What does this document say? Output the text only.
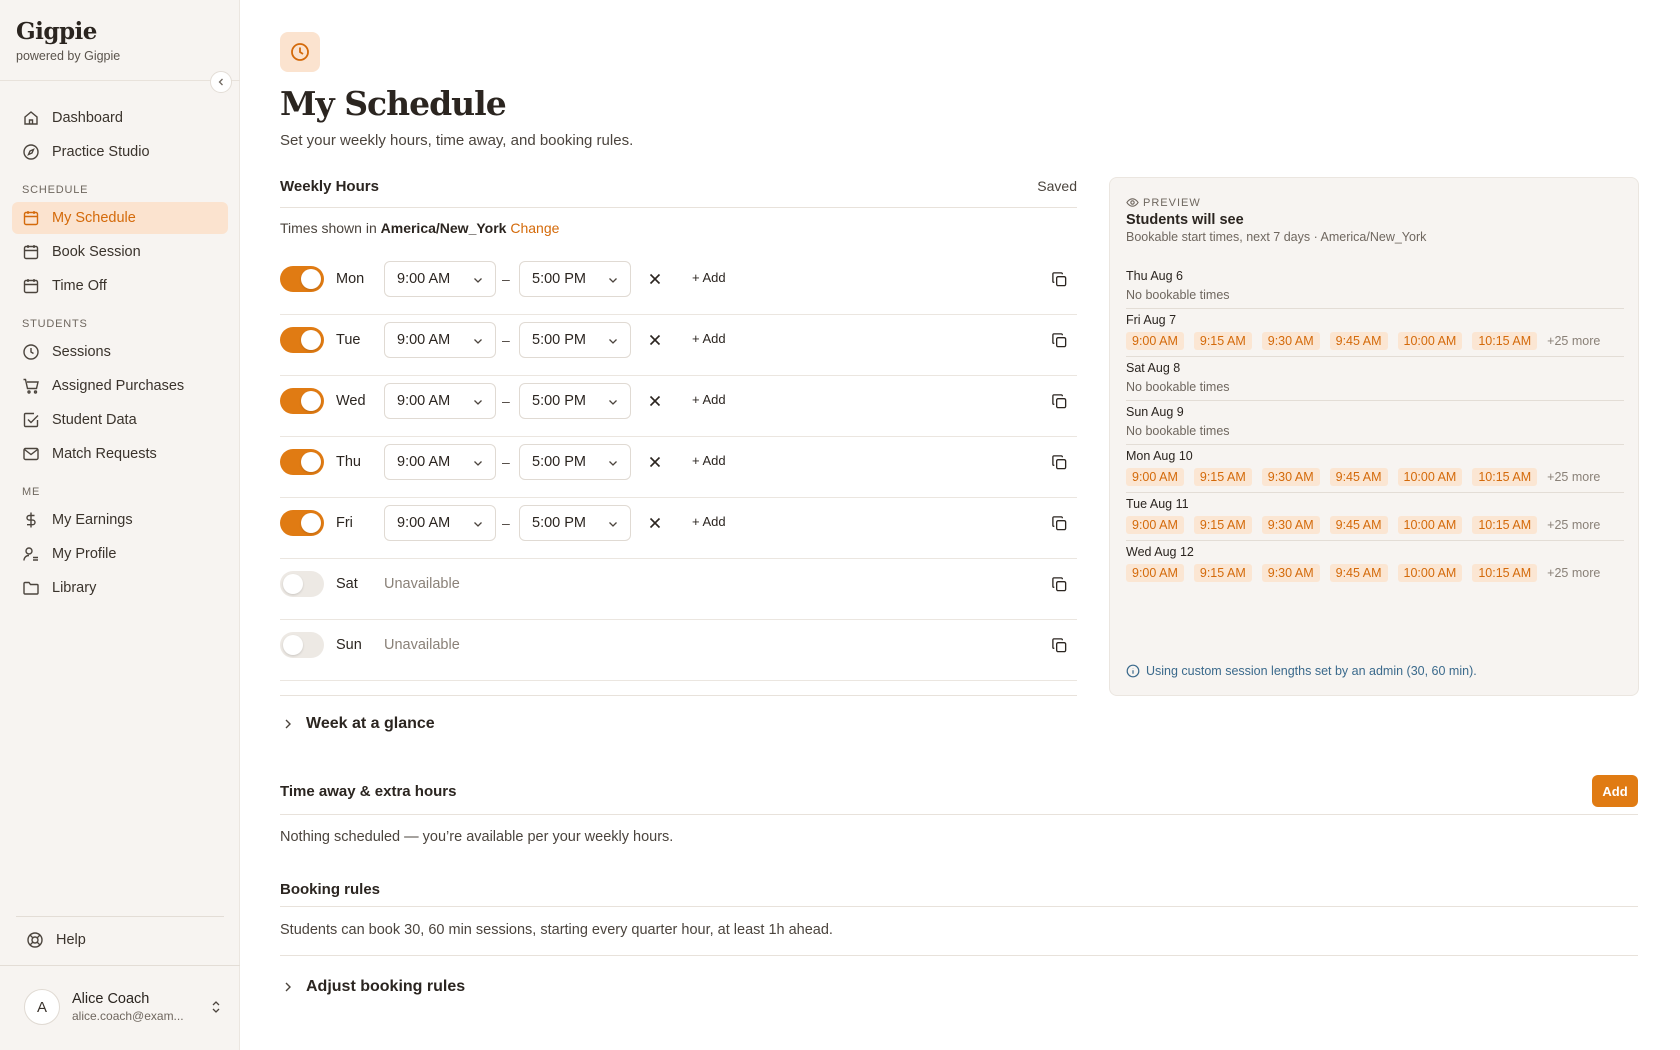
Gigpie
powered by Gigpie
Dashboard
Practice Studio
SCHEDULE
My Schedule
Book Session
Time Off
STUDENTS
Sessions
Assigned Purchases
Student Data
Match Requests
ME
My Earnings
My Profile
Library
Help
A	Alice Coach
alice.coach@exam...
My Schedule
Set your weekly hours, time away, and booking rules.
Weekly Hours	Saved
Times shown in America/New_York Change
Mon 9:00 AM	– 5:00 PM	+ Add
Tue	9:00 AM	– 5:00 PM	+ Add
Wed 9:00 AM	– 5:00 PM	+ Add
Thu 9:00 AM	– 5:00 PM	+ Add
Fri	9:00 AM	– 5:00 PM	+ Add
Sat Unavailable
Sun Unavailable
Week at a glance
Time away & extra hours	Add
Nothing scheduled — you’re available per your weekly hours.
Booking rules
Students can book 30, 60 min sessions, starting every quarter hour, at least 1h ahead.
Adjust booking rules
PREVIEW
Students will see
Bookable start times, next 7 days · America/New_York
Thu Aug 6
No bookable times
Fri Aug 7
9:00 AM	9:15 AM	9:30 AM	9:45 AM	10:00 AM	10:15 AM	+25 more
Sat Aug 8
No bookable times
Sun Aug 9
No bookable times
Mon Aug 10
9:00 AM	9:15 AM	9:30 AM	9:45 AM	10:00 AM	10:15 AM	+25 more
Tue Aug 11
9:00 AM	9:15 AM	9:30 AM	9:45 AM	10:00 AM	10:15 AM	+25 more
Wed Aug 12
9:00 AM	9:15 AM	9:30 AM	9:45 AM	10:00 AM	10:15 AM	+25 more
Using custom session lengths set by an admin (30, 60 min).
